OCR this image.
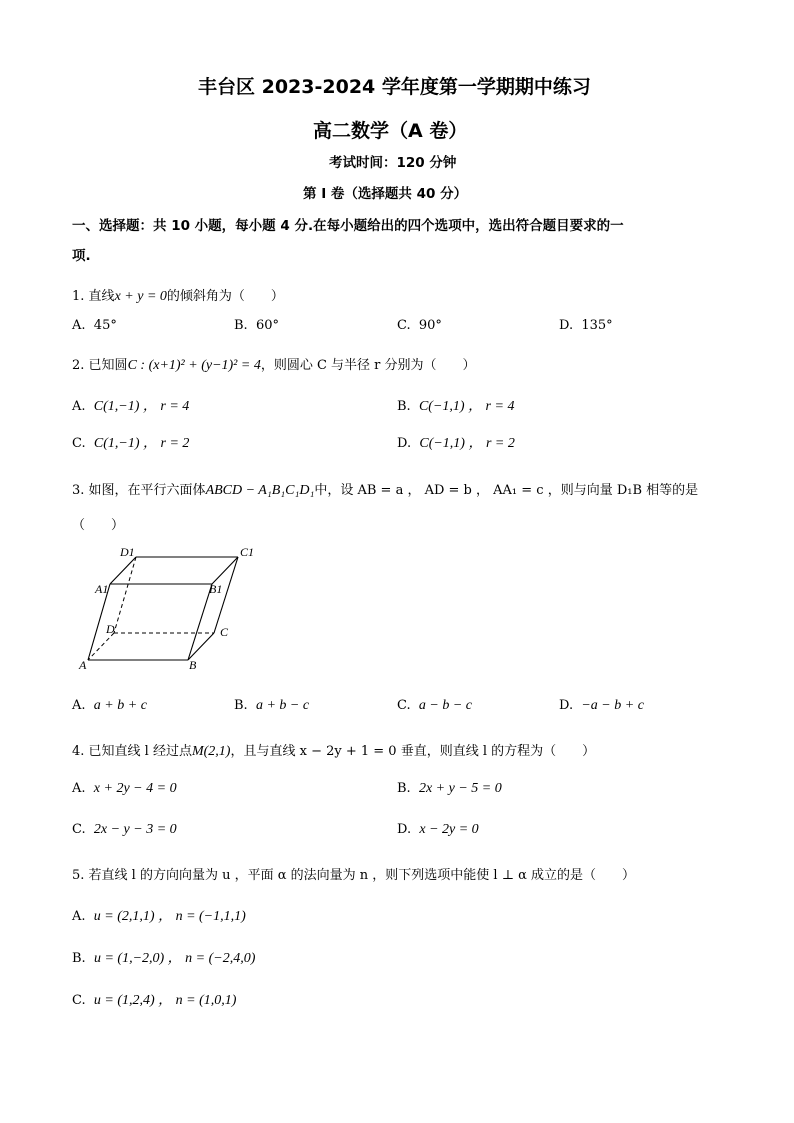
丰台区 2023-2024 学年度第一学期期中练习
高二数学（A 卷）
考试时间：120 分钟
第 I 卷（选择题共 40 分）
一、选择题：共 10 小题，每小题 4 分.在每小题给出的四个选项中，选出符合题目要求的一
项.
1. 直线x + y = 0的倾斜角为（　　）
A. 45°	B. 60°	C. 90°	D. 135°
2. 已知圆C : (x+1)² + (y−1)² = 4，则圆心 C 与半径 r 分别为（　　）
A. C(1,−1) ， r = 4	B. C(−1,1) ， r = 4
C. C(1,−1) ， r = 2	D. C(−1,1) ， r = 2
3. 如图，在平行六面体ABCD − A₁B₁C₁D₁中，设 AB = a ， AD = b ， AA₁ = c ，则与向量 D₁B 相等的是
（　　）
D1	C1
A1	B1
D	C
A	B
A. a + b + c	B. a + b − c	C. a − b − c	D. −a − b + c
4. 已知直线 l 经过点M(2,1)，且与直线 x − 2y + 1 = 0 垂直，则直线 l 的方程为（　　）
A. x + 2y − 4 = 0	B. 2x + y − 5 = 0
C. 2x − y − 3 = 0	D. x − 2y = 0
5. 若直线 l 的方向向量为 u ，平面 α 的法向量为 n ，则下列选项中能使 l ⊥ α 成立的是（　　）
A. u = (2,1,1) ， n = (−1,1,1)
B. u = (1,−2,0) ， n = (−2,4,0)
C. u = (1,2,4) ， n = (1,0,1)
